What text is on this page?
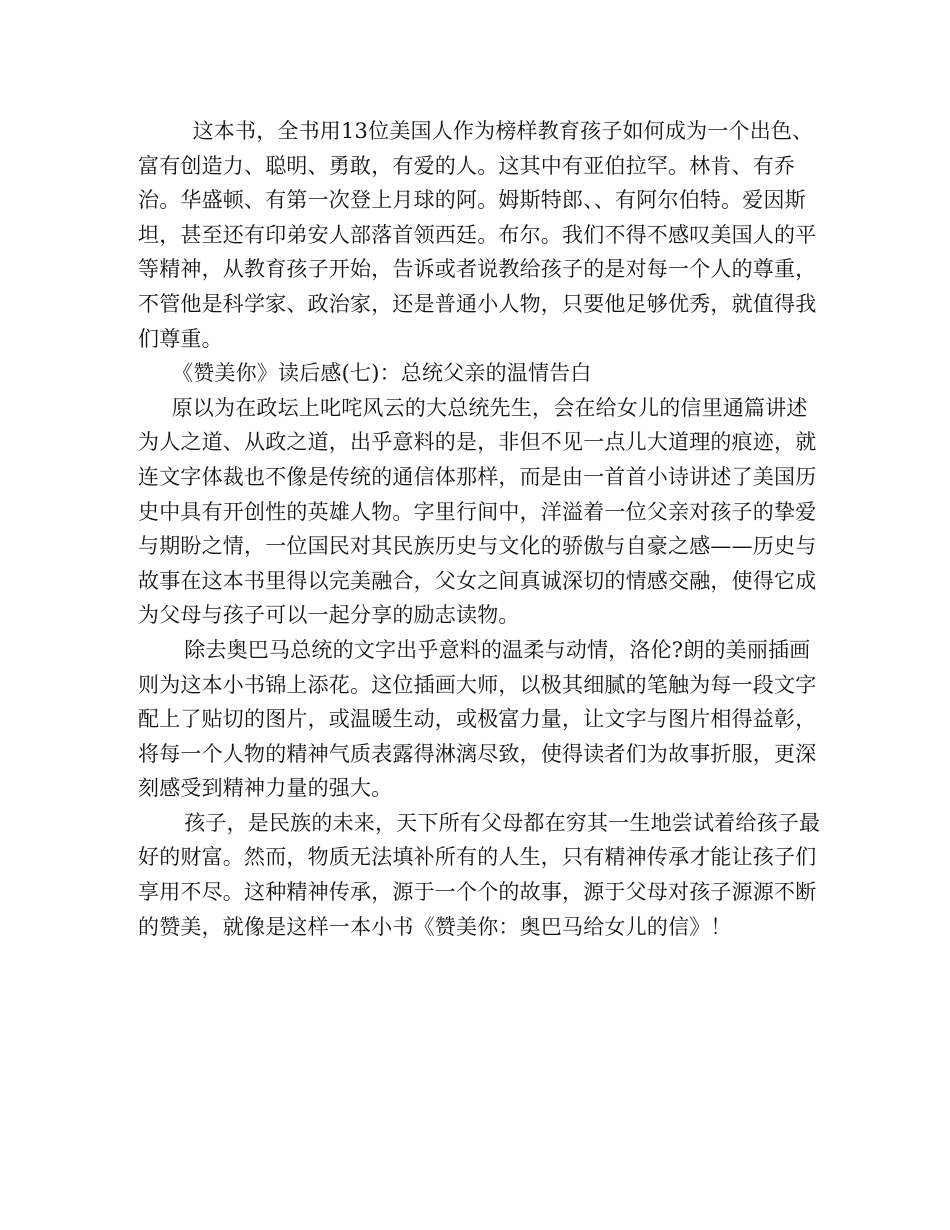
这本书，全书用13位美国人作为榜样教育孩子如何成为一个出色、富有创造力、聪明、勇敢，有爱的人。这其中有亚伯拉罕。林肯、有乔治。华盛顿、有第一次登上月球的阿。姆斯特郎、、有阿尔伯特。爱因斯坦，甚至还有印弟安人部落首领西廷。布尔。我们不得不感叹美国人的平等精神，从教育孩子开始，告诉或者说教给孩子的是对每一个人的尊重，不管他是科学家、政治家，还是普通小人物，只要他足够优秀，就值得我们尊重。

《赞美你》读后感(七)：总统父亲的温情告白

原以为在政坛上叱咤风云的大总统先生，会在给女儿的信里通篇讲述为人之道、从政之道，出乎意料的是，非但不见一点儿大道理的痕迹，就连文字体裁也不像是传统的通信体那样，而是由一首首小诗讲述了美国历史中具有开创性的英雄人物。字里行间中，洋溢着一位父亲对孩子的挚爱与期盼之情，一位国民对其民族历史与文化的骄傲与自豪之感——历史与故事在这本书里得以完美融合，父女之间真诚深切的情感交融，使得它成为父母与孩子可以一起分享的励志读物。

除去奥巴马总统的文字出乎意料的温柔与动情，洛伦?朗的美丽插画则为这本小书锦上添花。这位插画大师，以极其细腻的笔触为每一段文字配上了贴切的图片，或温暖生动，或极富力量，让文字与图片相得益彰，将每一个人物的精神气质表露得淋漓尽致，使得读者们为故事折服，更深刻感受到精神力量的强大。

孩子，是民族的未来，天下所有父母都在穷其一生地尝试着给孩子最好的财富。然而，物质无法填补所有的人生，只有精神传承才能让孩子们享用不尽。这种精神传承，源于一个个的故事，源于父母对孩子源源不断的赞美，就像是这样一本小书《赞美你：奥巴马给女儿的信》！
